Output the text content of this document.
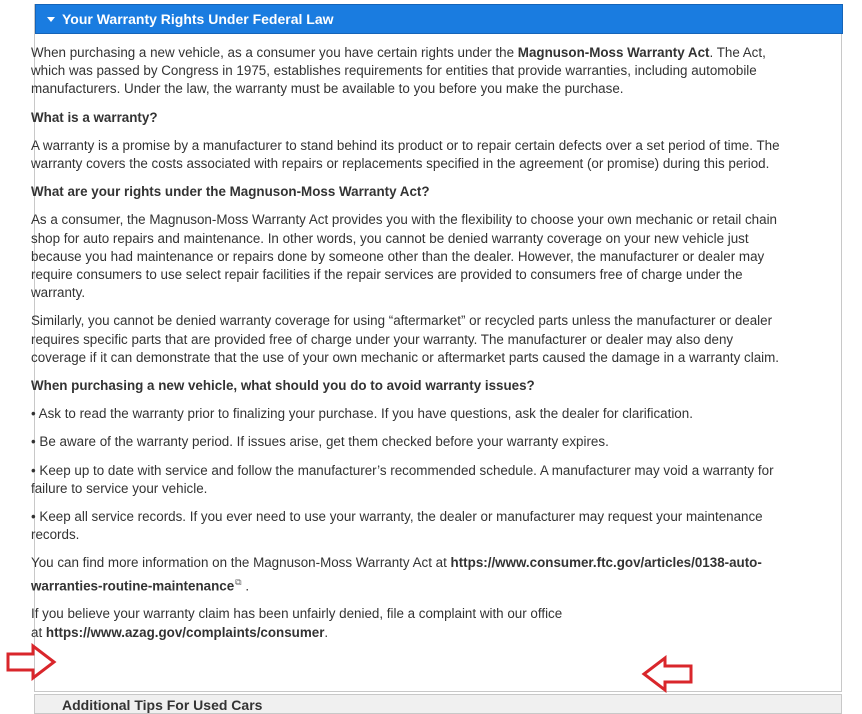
Your Warranty Rights Under Federal Law

When purchasing a new vehicle, as a consumer you have certain rights under the Magnuson-Moss Warranty Act. The Act, which was passed by Congress in 1975, establishes requirements for entities that provide warranties, including automobile manufacturers. Under the law, the warranty must be available to you before you make the purchase.

What is a warranty?

A warranty is a promise by a manufacturer to stand behind its product or to repair certain defects over a set period of time. The warranty covers the costs associated with repairs or replacements specified in the agreement (or promise) during this period.

What are your rights under the Magnuson-Moss Warranty Act?

As a consumer, the Magnuson-Moss Warranty Act provides you with the flexibility to choose your own mechanic or retail chain shop for auto repairs and maintenance. In other words, you cannot be denied warranty coverage on your new vehicle just because you had maintenance or repairs done by someone other than the dealer. However, the manufacturer or dealer may require consumers to use select repair facilities if the repair services are provided to consumers free of charge under the warranty.

Similarly, you cannot be denied warranty coverage for using “aftermarket” or recycled parts unless the manufacturer or dealer requires specific parts that are provided free of charge under your warranty. The manufacturer or dealer may also deny coverage if it can demonstrate that the use of your own mechanic or aftermarket parts caused the damage in a warranty claim.

When purchasing a new vehicle, what should you do to avoid warranty issues?

• Ask to read the warranty prior to finalizing your purchase. If you have questions, ask the dealer for clarification.

• Be aware of the warranty period. If issues arise, get them checked before your warranty expires.

• Keep up to date with service and follow the manufacturer’s recommended schedule. A manufacturer may void a warranty for failure to service your vehicle.

• Keep all service records. If you ever need to use your warranty, the dealer or manufacturer may request your maintenance records.

You can find more information on the Magnuson-Moss Warranty Act at https://www.consumer.ftc.gov/articles/0138-auto-warranties-routine-maintenance⧉ .

If you believe your warranty claim has been unfairly denied, file a complaint with our office
at https://www.azag.gov/complaints/consumer.

Additional Tips For Used Cars
